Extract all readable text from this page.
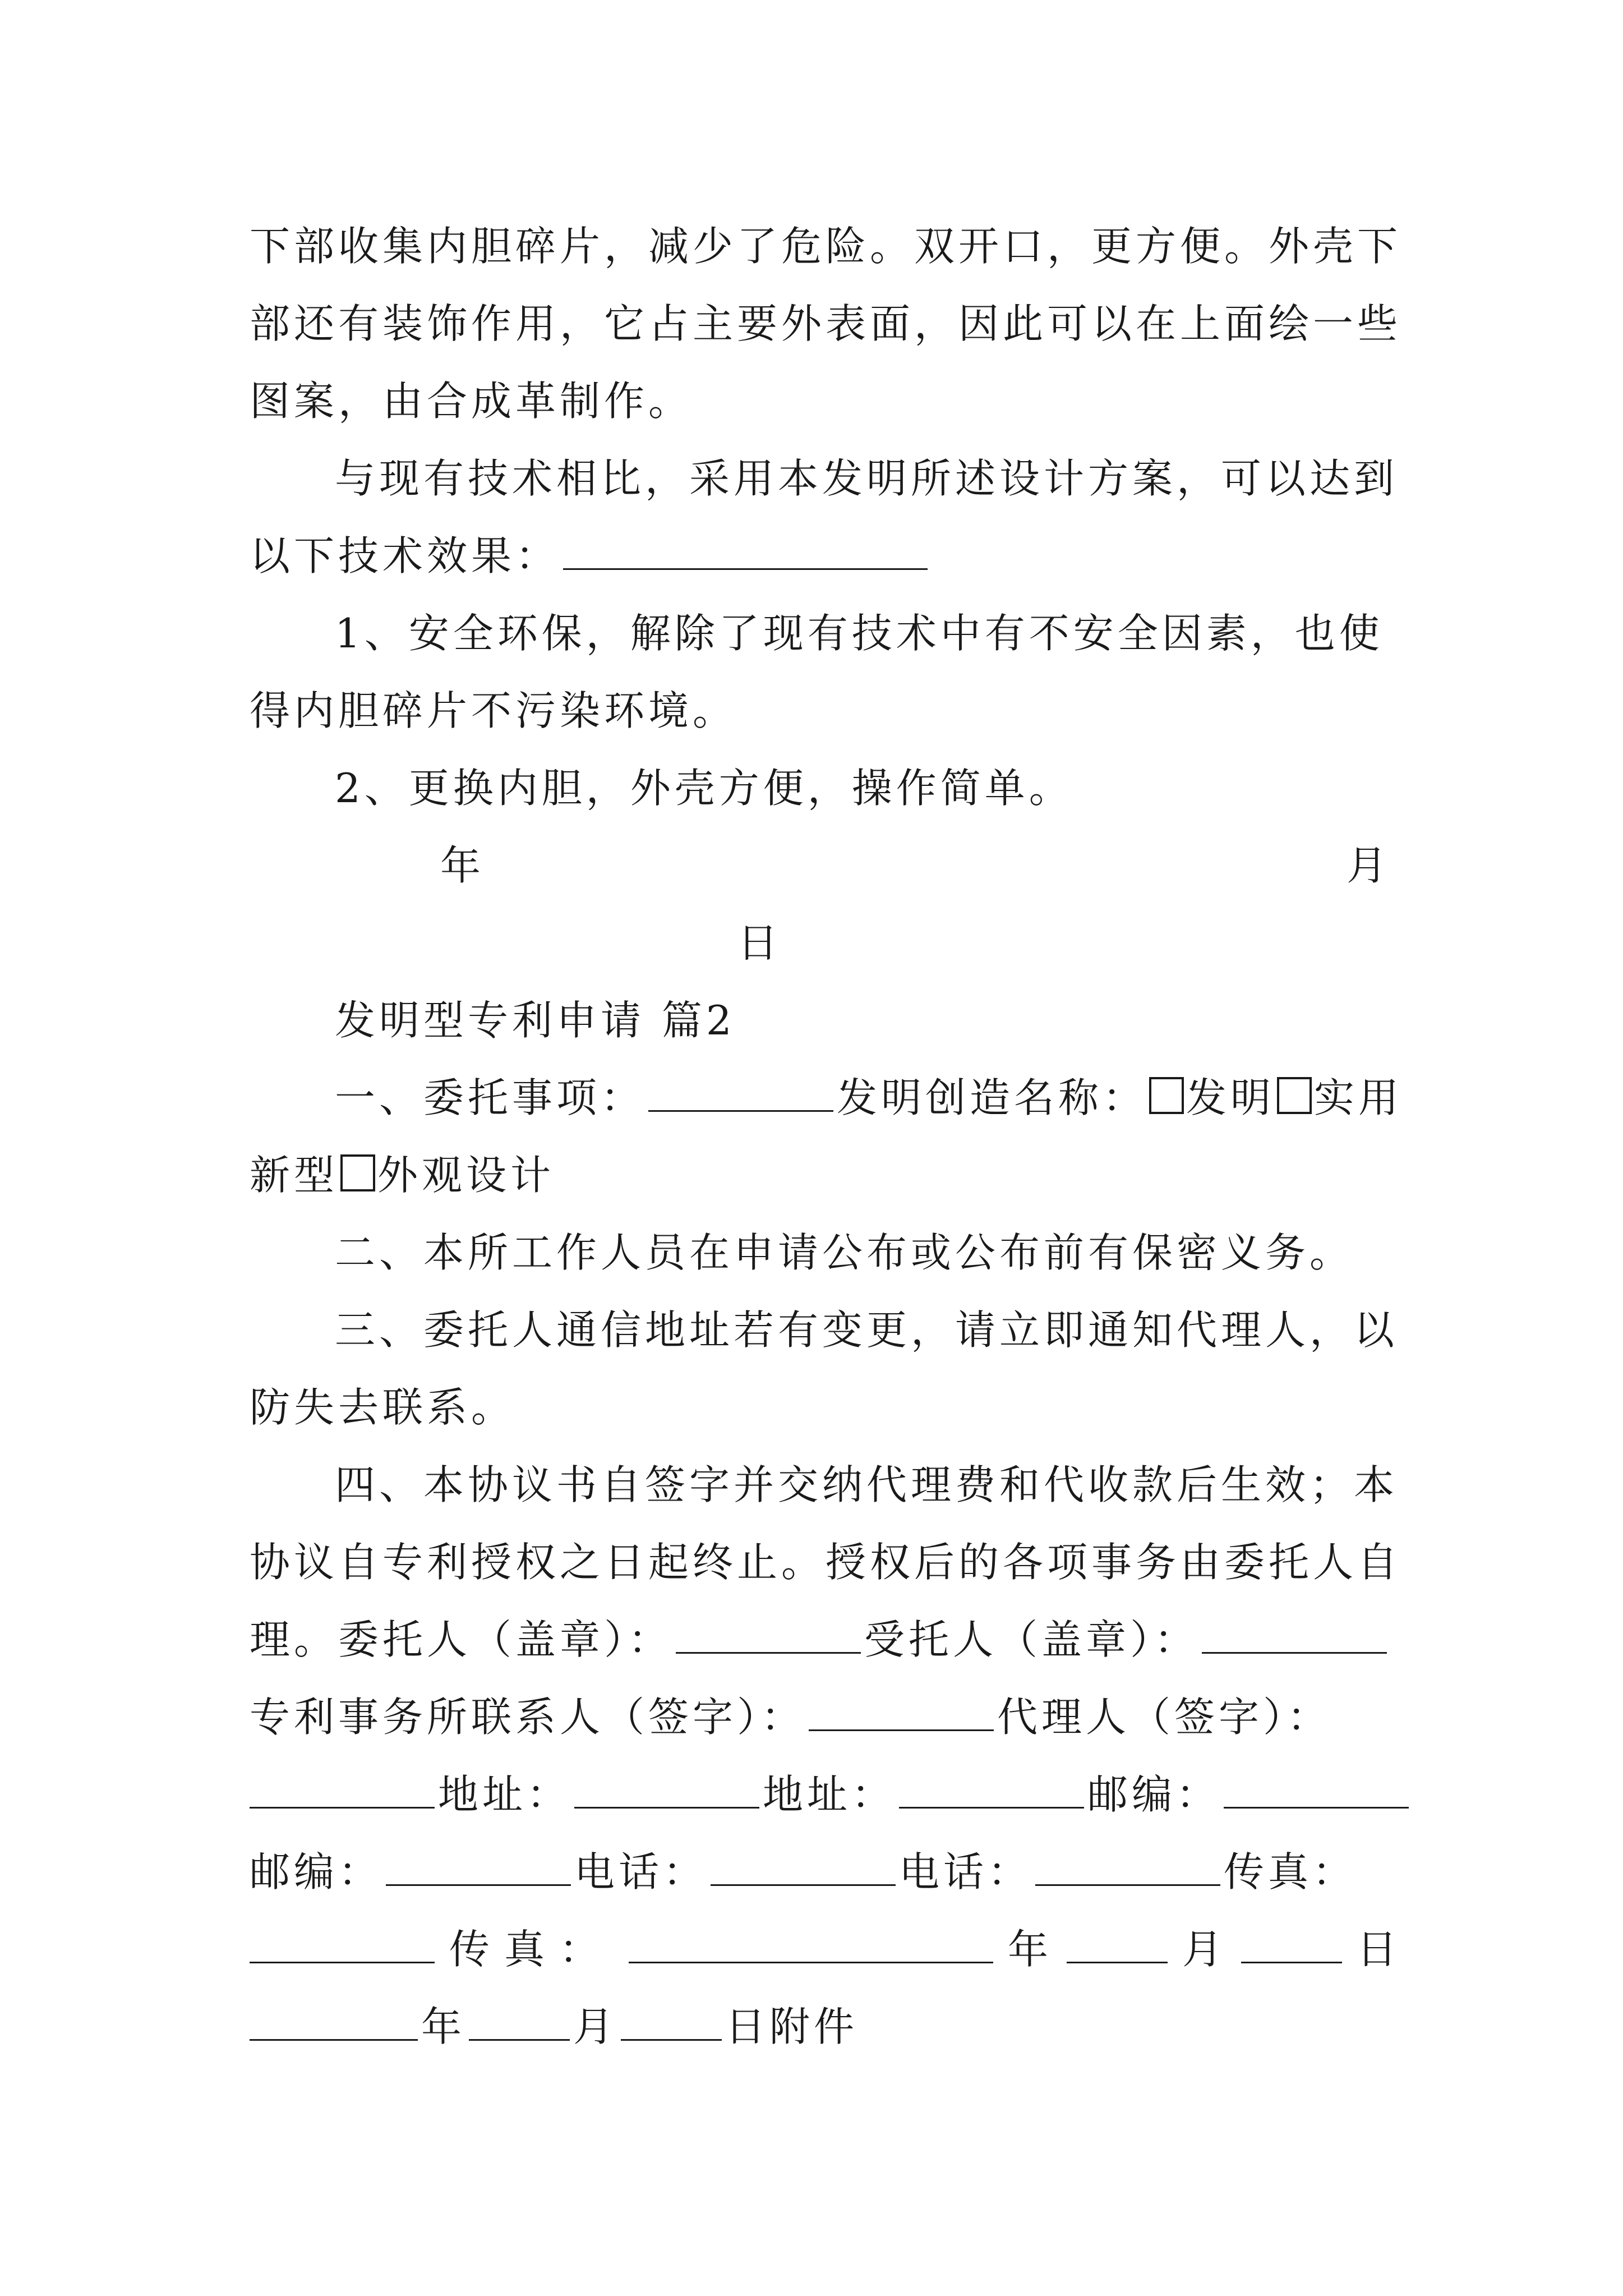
下部收集内胆碎片，减少了危险。双开口，更方便。外壳下
部还有装饰作用，它占主要外表面，因此可以在上面绘一些
图案，由合成革制作。
与现有技术相比，采用本发明所述设计方案，可以达到
以下技术效果：
1、安全环保，解除了现有技术中有不安全因素，也使
得内胆碎片不污染环境。
2、更换内胆，外壳方便，操作简单。
年	月
日
发明型专利申请 篇2
一、委托事项：	发明创造名称： 发明 实用
新型 外观设计
二、本所工作人员在申请公布或公布前有保密义务。
三、委托人通信地址若有变更，请立即通知代理人，以
防失去联系。
四、本协议书自签字并交纳代理费和代收款后生效；本
协议自专利授权之日起终止。授权后的各项事务由委托人自
理。委托人（盖章）：	受托人（盖章）：
专利事务所联系人（签字）：	代理人（签字）：
地址：	地址：	邮编：
邮编：	电话：	电话：	传真：
传真：	年	月	日
年	月	日附件
